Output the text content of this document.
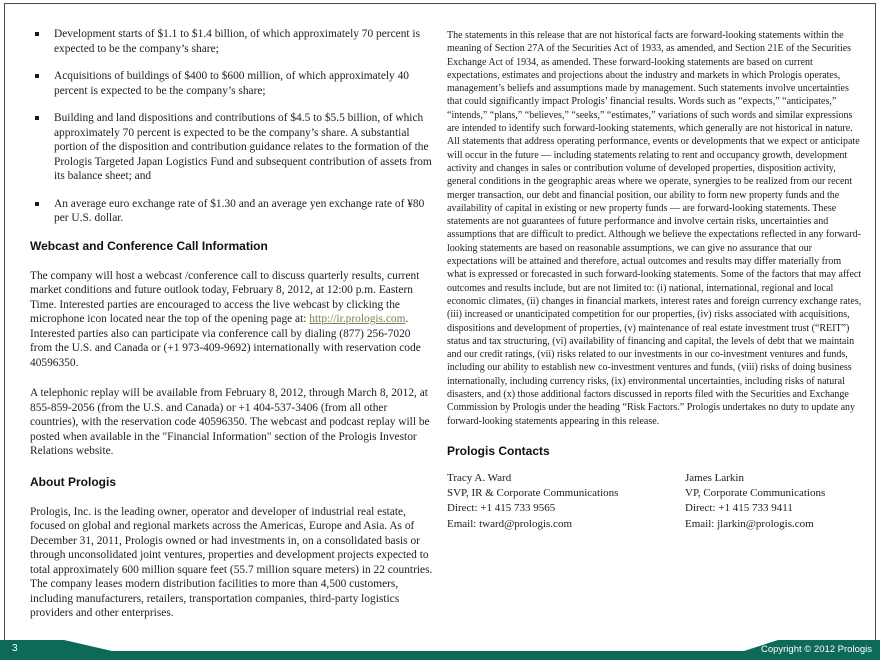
Development starts of $1.1 to $1.4 billion, of which approximately 70 percent is expected to be the company’s share;
Acquisitions of buildings of $400 to $600 million, of which approximately 40 percent is expected to be the company’s share;
Building and land dispositions and contributions of $4.5 to $5.5 billion, of which approximately 70 percent is expected to be the company’s share. A substantial portion of the disposition and contribution guidance relates to the formation of the Prologis Targeted Japan Logistics Fund and subsequent contribution of assets from its balance sheet; and
An average euro exchange rate of $1.30 and an average yen exchange rate of ¥80 per U.S. dollar.
Webcast and Conference Call Information

The company will host a webcast /conference call to discuss quarterly results, current market conditions and future outlook today, February 8, 2012, at 12:00 p.m. Eastern Time. Interested parties are encouraged to access the live webcast by clicking the microphone icon located near the top of the opening page at: http://ir.prologis.com. Interested parties also can participate via conference call by dialing (877) 256-7020 from the U.S. and Canada or (+1 973-409-9692) internationally with reservation code 40596350.

A telephonic replay will be available from February 8, 2012, through March 8, 2012, at 855-859-2056 (from the U.S. and Canada) or +1 404-537-3406 (from all other countries), with the reservation code 40596350. The webcast and podcast replay will be posted when available in the "Financial Information" section of the Prologis Investor Relations website.

About Prologis

Prologis, Inc. is the leading owner, operator and developer of industrial real estate, focused on global and regional markets across the Americas, Europe and Asia. As of December 31, 2011, Prologis owned or had investments in, on a consolidated basis or through unconsolidated joint ventures, properties and development projects expected to total approximately 600 million square feet (55.7 million square meters) in 22 countries. The company leases modern distribution facilities to more than 4,500 customers, including manufacturers, retailers, transportation companies, third-party logistics providers and other enterprises.

The statements in this release that are not historical facts are forward-looking statements within the meaning of Section 27A of the Securities Act of 1933, as amended, and Section 21E of the Securities Exchange Act of 1934, as amended. These forward-looking statements are based on current expectations, estimates and projections about the industry and markets in which Prologis operates, management’s beliefs and assumptions made by management. Such statements involve uncertainties that could significantly impact Prologis’ financial results. Words such as “expects,” “anticipates,” “intends,” “plans,” “believes,” “seeks,” “estimates,” variations of such words and similar expressions are intended to identify such forward-looking statements, which generally are not historical in nature. All statements that address operating performance, events or developments that we expect or anticipate will occur in the future — including statements relating to rent and occupancy growth, development activity and changes in sales or contribution volume of developed properties, disposition activity, general conditions in the geographic areas where we operate, synergies to be realized from our recent merger transaction, our debt and financial position, our ability to form new property funds and the availability of capital in existing or new property funds — are forward-looking statements. These statements are not guarantees of future performance and involve certain risks, uncertainties and assumptions that are difficult to predict. Although we believe the expectations reflected in any forward-looking statements are based on reasonable assumptions, we can give no assurance that our expectations will be attained and therefore, actual outcomes and results may differ materially from what is expressed or forecasted in such forward-looking statements. Some of the factors that may affect outcomes and results include, but are not limited to: (i) national, international, regional and local economic climates, (ii) changes in financial markets, interest rates and foreign currency exchange rates, (iii) increased or unanticipated competition for our properties, (iv) risks associated with acquisitions, dispositions and development of properties, (v) maintenance of real estate investment trust (“REIT”) status and tax structuring, (vi) availability of financing and capital, the levels of debt that we maintain and our credit ratings, (vii) risks related to our investments in our co-investment ventures and funds, including our ability to establish new co-investment ventures and funds, (viii) risks of doing business internationally, including currency risks, (ix) environmental uncertainties, including risks of natural disasters, and (x) those additional factors discussed in reports filed with the Securities and Exchange Commission by Prologis under the heading “Risk Factors.” Prologis undertakes no duty to update any forward-looking statements appearing in this release.

Prologis Contacts
Tracy A. Ward
SVP, IR & Corporate Communications
Direct: +1 415 733 9565
Email: tward@prologis.com
James Larkin
VP, Corporate Communications
Direct: +1 415 733 9411
Email: jlarkin@prologis.com
3	Copyright © 2012 Prologis
